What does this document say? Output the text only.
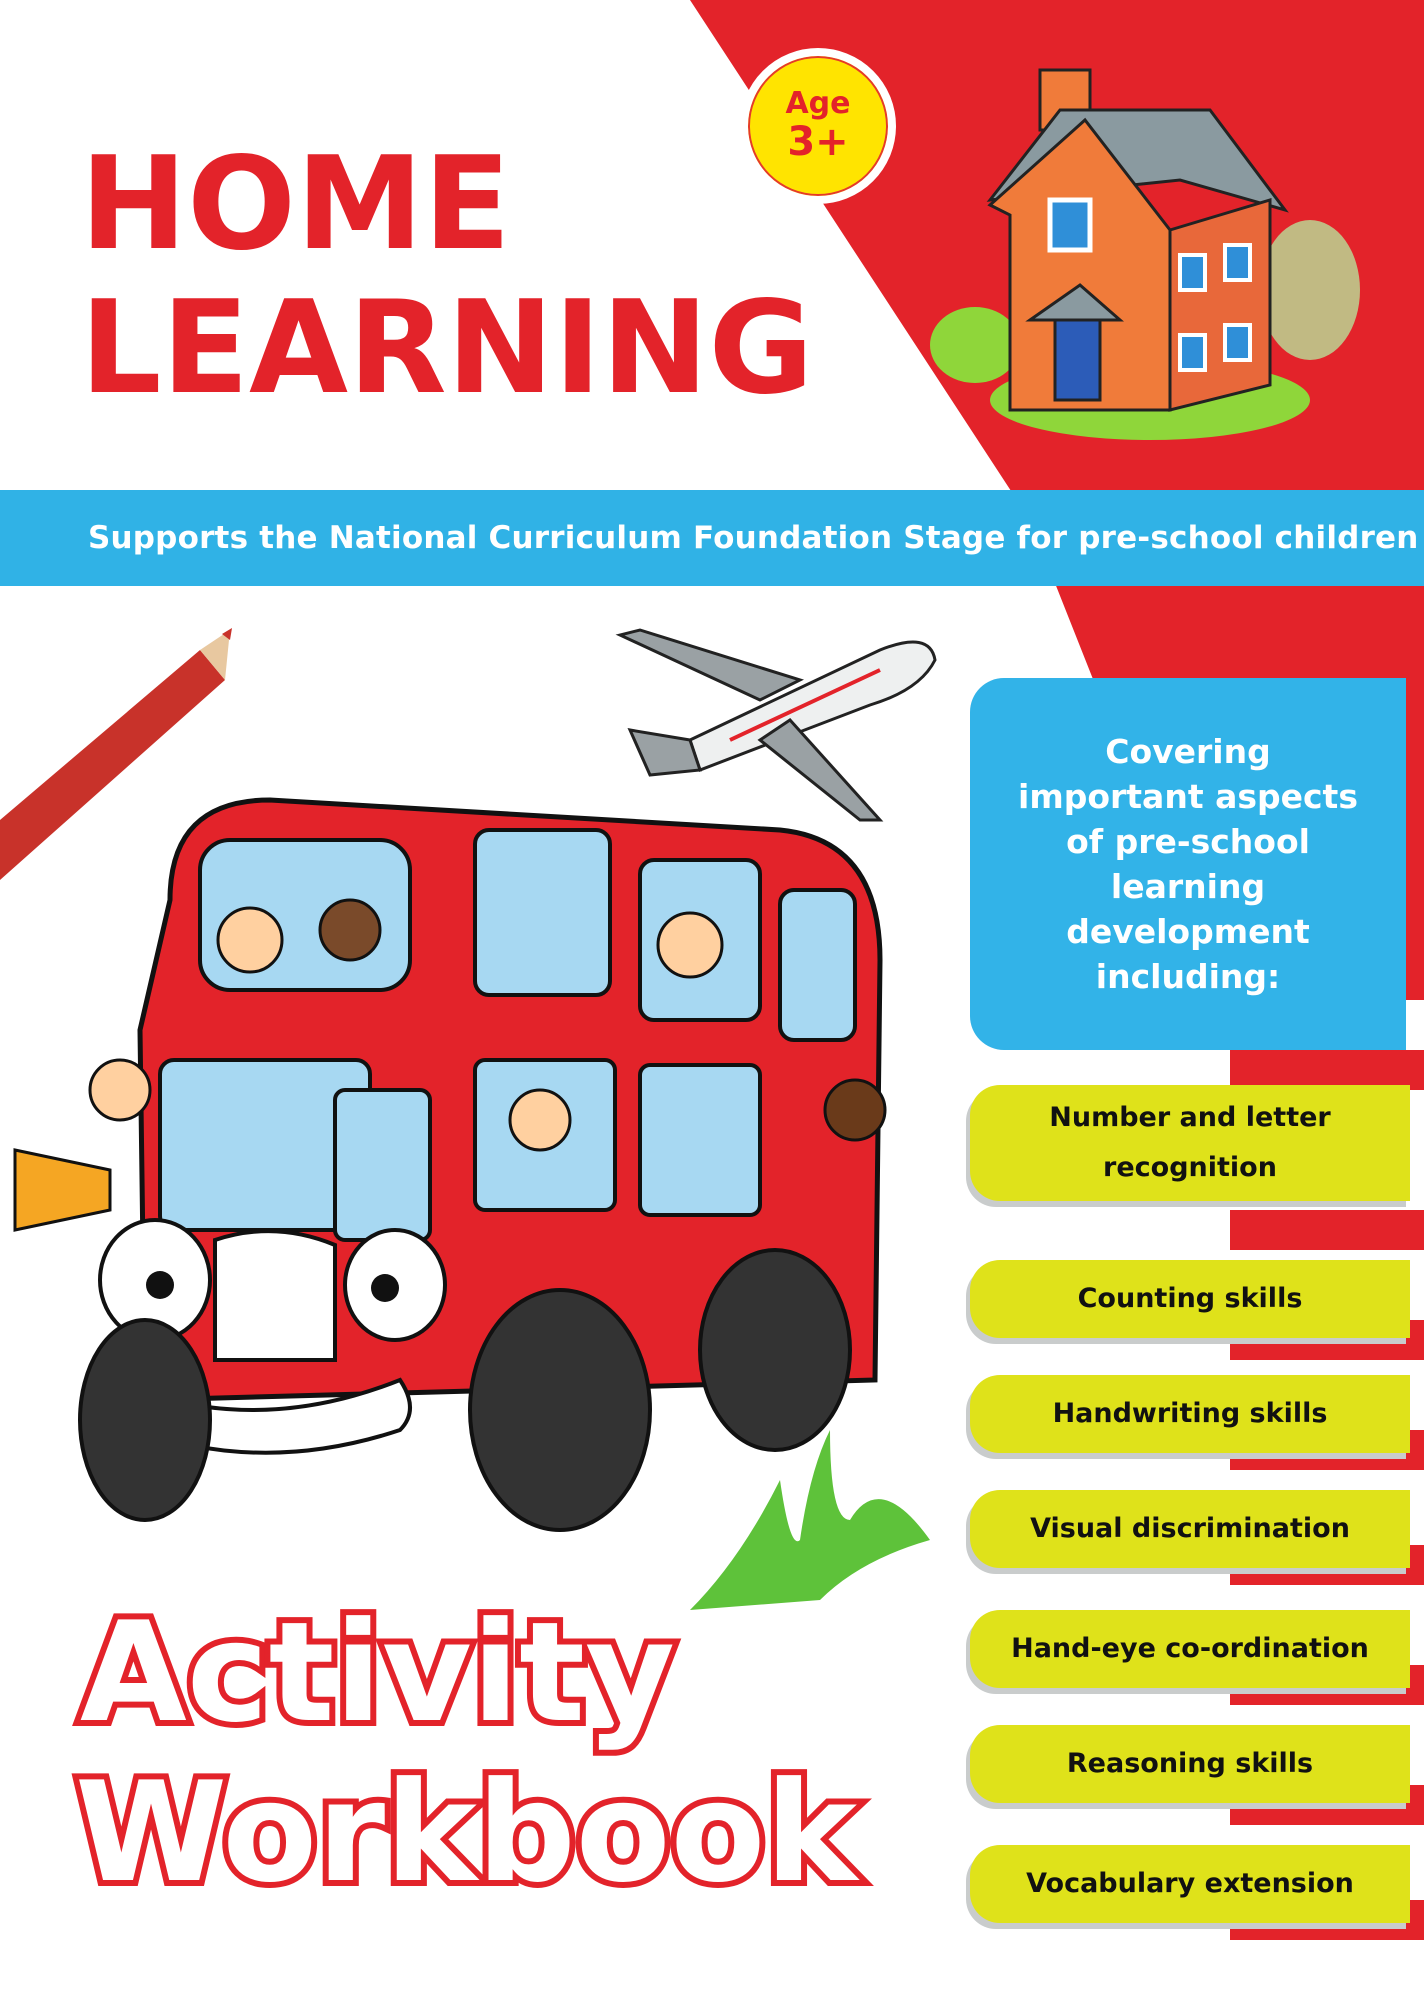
HOME
LEARNING
Activity
Workbook
Age
3+
Supports the National Curriculum Foundation Stage for pre-school children
Covering important aspects of pre-school learning development including:
Number and letter recognition
Counting skills
Handwriting skills
Visual discrimination
Hand-eye co-ordination
Reasoning skills
Vocabulary extension
